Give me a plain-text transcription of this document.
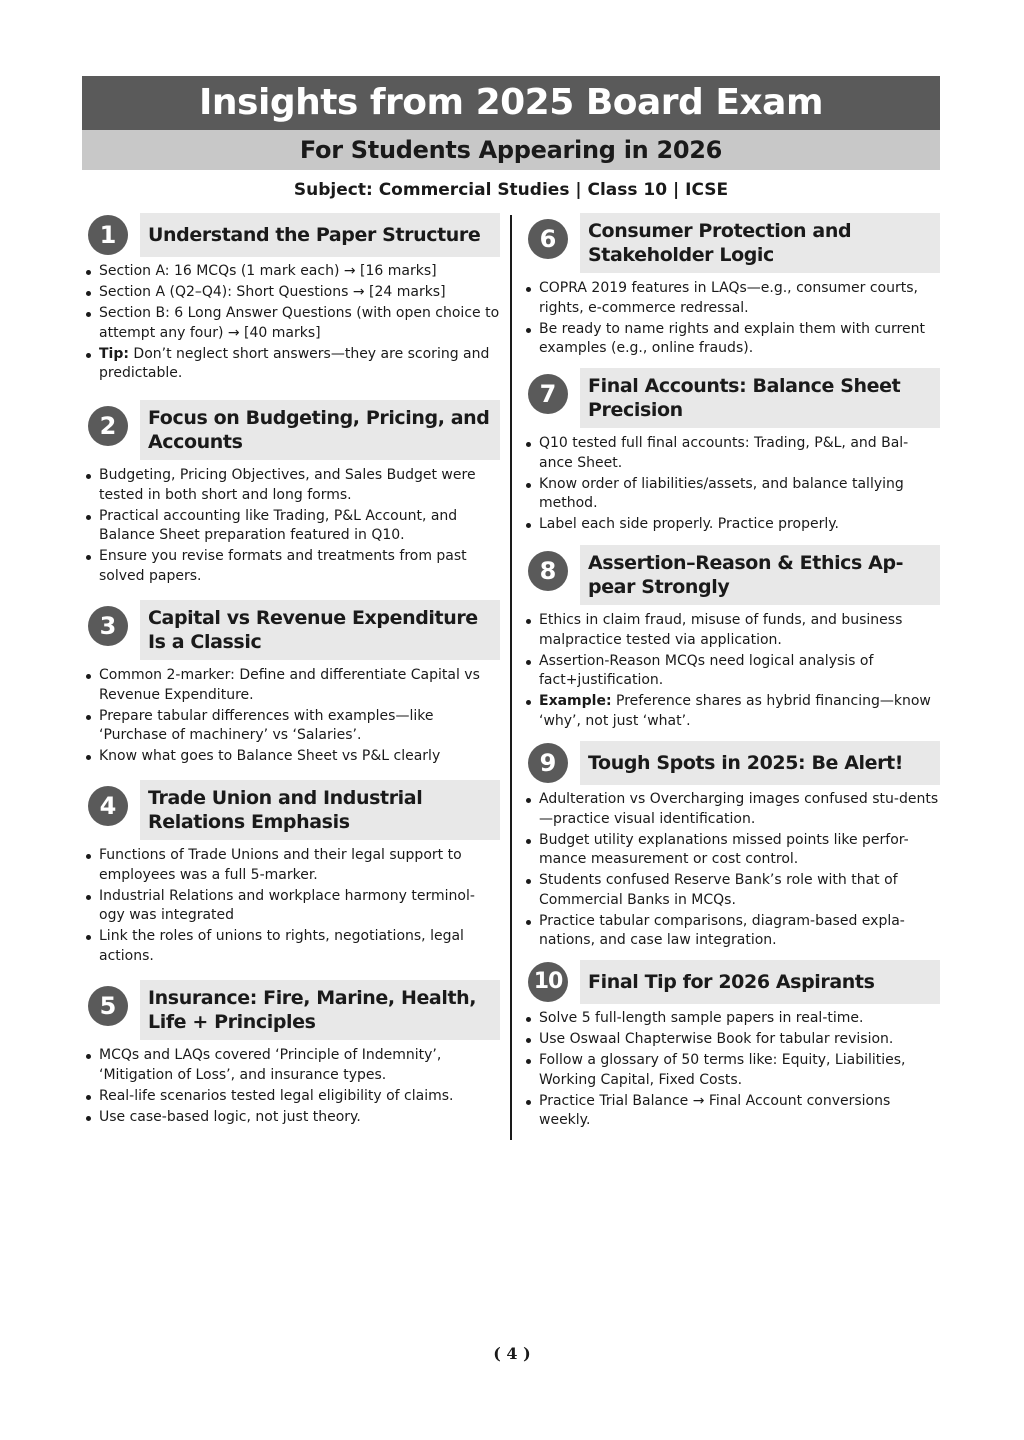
Insights from 2025 Board Exam
For Students Appearing in 2026
Subject: Commercial Studies | Class 10 | ICSE
1	Understand the Paper Structure
Section A: 16 MCQs (1 mark each) → [16 marks]
Section A (Q2–Q4): Short Questions → [24 marks]
Section B: 6 Long Answer Questions (with open choice to attempt any four) → [40 marks]
Tip: Don’t neglect short answers—they are scoring and predictable.
2	Focus on Budgeting, Pricing, and Accounts
Budgeting, Pricing Objectives, and Sales Budget were tested in both short and long forms.
Practical accounting like Trading, P&L Account, and Balance Sheet preparation featured in Q10.
Ensure you revise formats and treatments from past solved papers.
3	Capital vs Revenue Expenditure Is a Classic
Common 2-marker: Define and differentiate Capital vs Revenue Expenditure.
Prepare tabular differences with examples—like ‘Purchase of machinery’ vs ‘Salaries’.
Know what goes to Balance Sheet vs P&L clearly
4	Trade Union and Industrial Relations Emphasis
Functions of Trade Unions and their legal support to employees was a full 5-marker.
Industrial Relations and workplace harmony terminol-ogy was integrated
Link the roles of unions to rights, negotiations, legal actions.
5	Insurance: Fire, Marine, Health, Life + Principles
MCQs and LAQs covered ‘Principle of Indemnity’, ‘Mitigation of Loss’, and insurance types.
Real-life scenarios tested legal eligibility of claims.
Use case-based logic, not just theory.
6	Consumer Protection and Stakeholder Logic
COPRA 2019 features in LAQs—e.g., consumer courts, rights, e-commerce redressal.
Be ready to name rights and explain them with current examples (e.g., online frauds).
7	Final Accounts: Balance Sheet Precision
Q10 tested full final accounts: Trading, P&L, and Bal-ance Sheet.
Know order of liabilities/assets, and balance tallying method.
Label each side properly. Practice properly.
8	Assertion–Reason & Ethics Ap-pear Strongly
Ethics in claim fraud, misuse of funds, and business malpractice tested via application.
Assertion-Reason MCQs need logical analysis of fact+justification.
Example: Preference shares as hybrid financing—know ‘why’, not just ‘what’.
9	Tough Spots in 2025: Be Alert!
Adulteration vs Overcharging images confused stu-dents—practice visual identification.
Budget utility explanations missed points like perfor-mance measurement or cost control.
Students confused Reserve Bank’s role with that of Commercial Banks in MCQs.
Practice tabular comparisons, diagram-based expla-nations, and case law integration.
10	Final Tip for 2026 Aspirants
Solve 5 full-length sample papers in real-time.
Use Oswaal Chapterwise Book for tabular revision.
Follow a glossary of 50 terms like: Equity, Liabilities, Working Capital, Fixed Costs.
Practice Trial Balance → Final Account conversions weekly.
( 4 )
